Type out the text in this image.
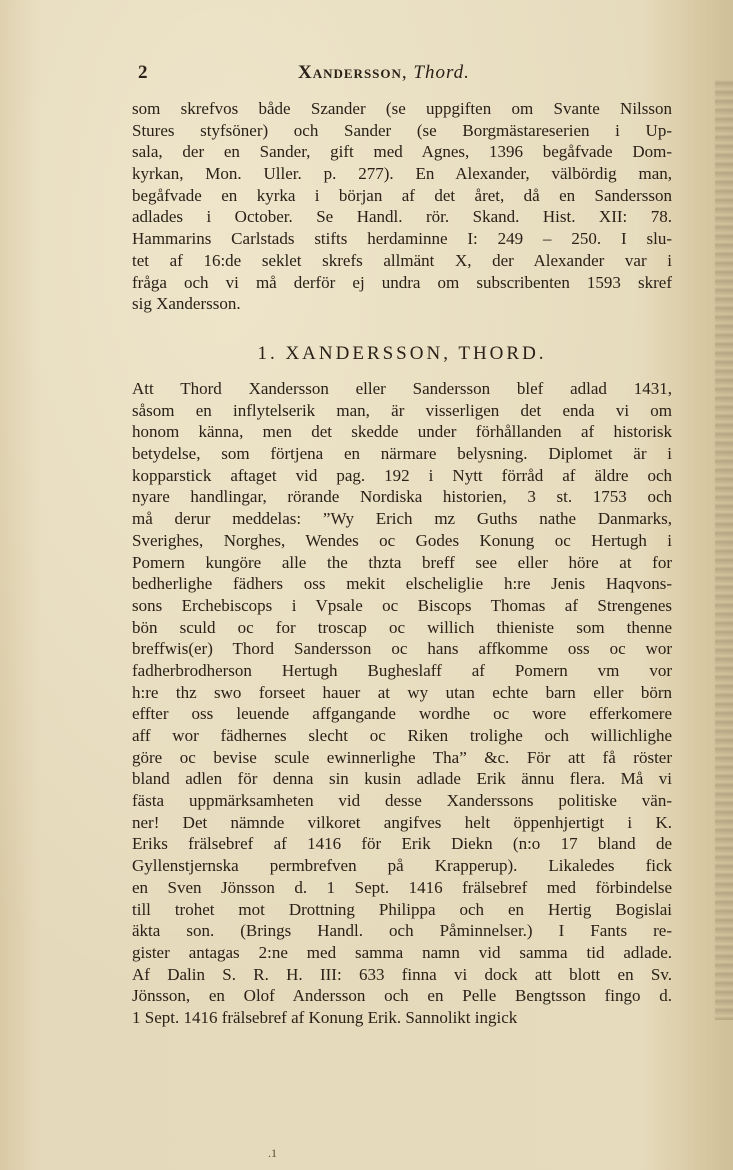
2	Xandersson, Thord.
som skrefvos både Szander (se uppgiften om Svante Nilsson
Stures styfsöner) och Sander (se Borgmästareserien i Up-
sala, der en Sander, gift med Agnes, 1396 begåfvade Dom-
kyrkan, Mon. Uller. p. 277). En Alexander, välbördig man,
begåfvade en kyrka i början af det året, då en Sandersson
adlades i October. Se Handl. rör. Skand. Hist. XII: 78.
Hammarins Carlstads stifts herdaminne I: 249 – 250. I slu-
tet af 16:de seklet skrefs allmänt X, der Alexander var i
fråga och vi må derför ej undra om subscribenten 1593 skref
sig Xandersson.
1. XANDERSSON, THORD.
Att Thord Xandersson eller Sandersson blef adlad 1431,
såsom en inflytelserik man, är visserligen det enda vi om
honom känna, men det skedde under förhållanden af historisk
betydelse, som förtjena en närmare belysning. Diplomet är i
kopparstick aftaget vid pag. 192 i Nytt förråd af äldre och
nyare handlingar, rörande Nordiska historien, 3 st. 1753 och
må derur meddelas: ”Wy Erich mz Guths nathe Danmarks,
Sverighes, Norghes, Wendes oc Godes Konung oc Hertugh i
Pomern kungöre alle the thzta breff see eller höre at for
bedherlighe fädhers oss mekit elscheliglie h:re Jenis Haqvons-
sons Erchebiscops i Vpsale oc Biscops Thomas af Strengenes
bön sculd oc for troscap oc willich thieniste som thenne
breffwis(er) Thord Sandersson oc hans affkomme oss oc wor
fadherbrodherson Hertugh Bugheslaff af Pomern vm vor
h:re thz swo forseet hauer at wy utan echte barn eller börn
effter oss leuende affgangande wordhe oc wore efferkomere
aff wor fädhernes slecht oc Riken trolighe och willichlighe
göre oc bevise scule ewinnerlighe Tha” &c. För att få röster
bland adlen för denna sin kusin adlade Erik ännu flera. Må vi
fästa uppmärksamheten vid desse Xanderssons politiske vän-
ner! Det nämnde vilkoret angifves helt öppenhjertigt i K.
Eriks frälsebref af 1416 för Erik Diekn (n:o 17 bland de
Gyllenstjernska permbrefven på Krapperup). Likaledes fick
en Sven Jönsson d. 1 Sept. 1416 frälsebref med förbindelse
till trohet mot Drottning Philippa och en Hertig Bogislai
äkta son. (Brings Handl. och Påminnelser.) I Fants re-
gister antagas 2:ne med samma namn vid samma tid adlade.
Af Dalin S. R. H. III: 633 finna vi dock att blott en Sv.
Jönsson, en Olof Andersson och en Pelle Bengtsson fingo d.
1 Sept. 1416 frälsebref af Konung Erik. Sannolikt ingick
.1
